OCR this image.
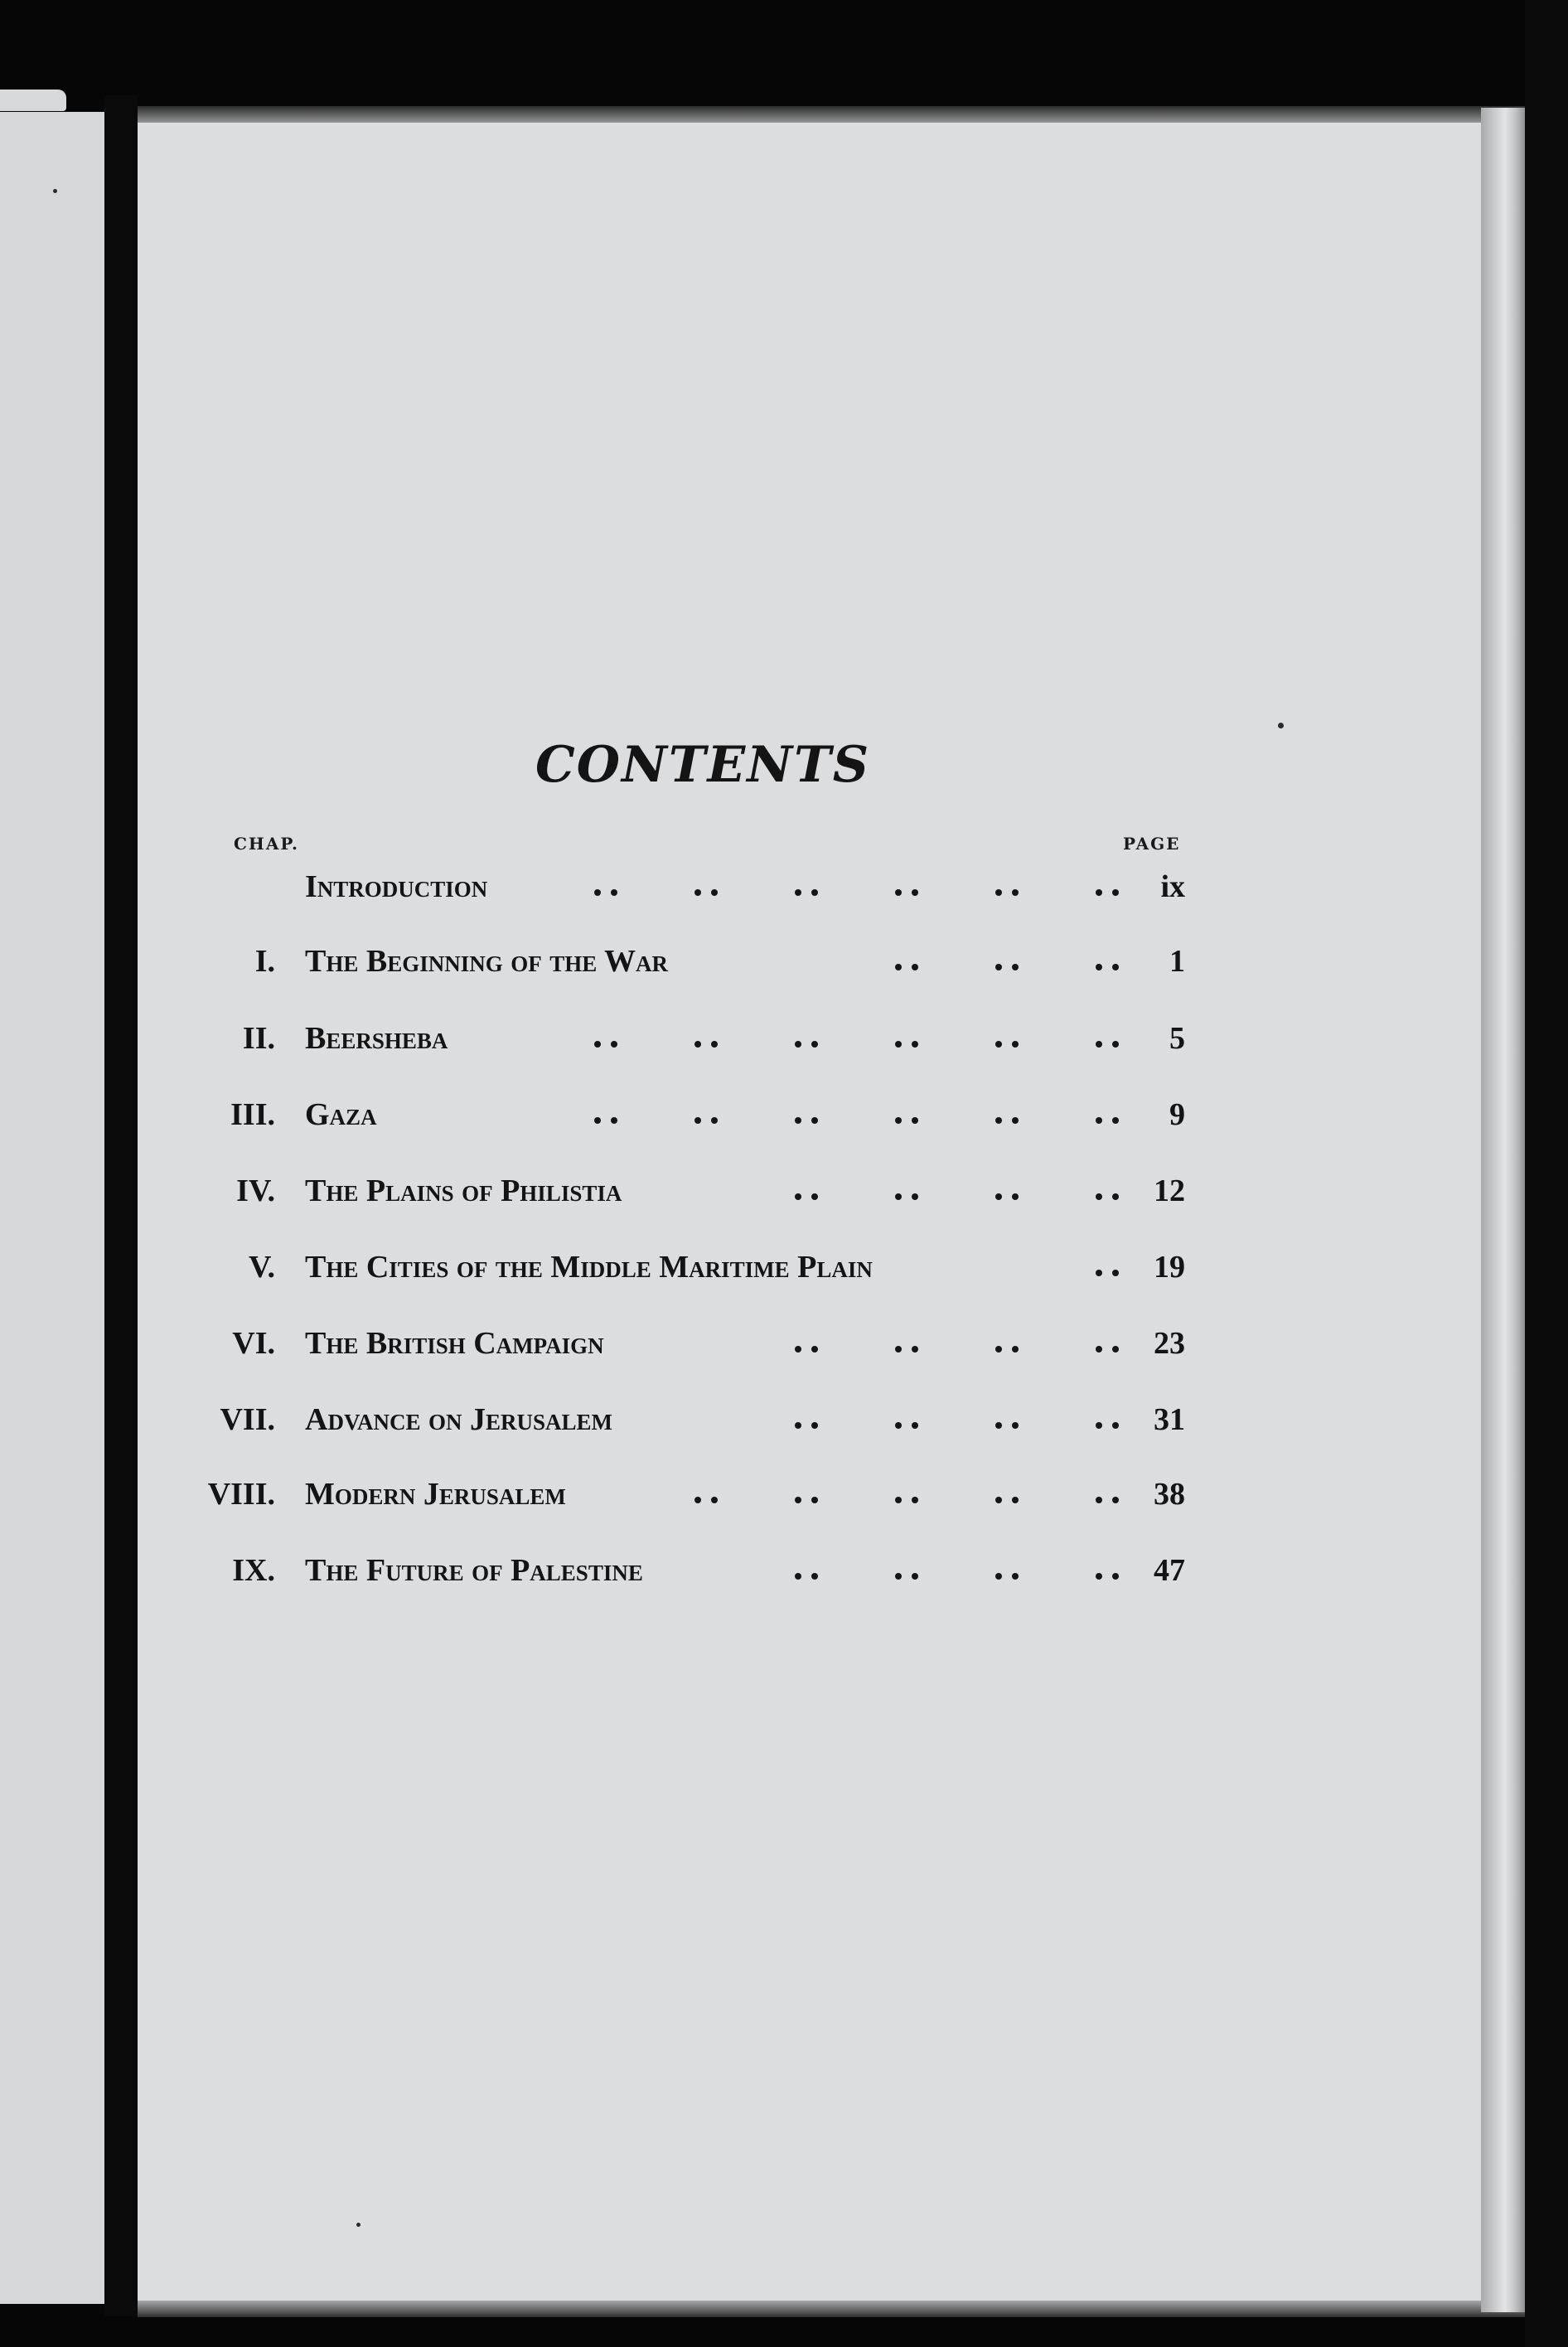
CONTENTS
CHAP.	PAGE
Introduction	ix
I. The Beginning of the War	1
II. Beersheba	5
III. Gaza	9
IV. The Plains of Philistia	12
V. The Cities of the Middle Maritime Plain	19
VI. The British Campaign	23
VII. Advance on Jerusalem	31
VIII. Modern Jerusalem	38
IX. The Future of Palestine	47
